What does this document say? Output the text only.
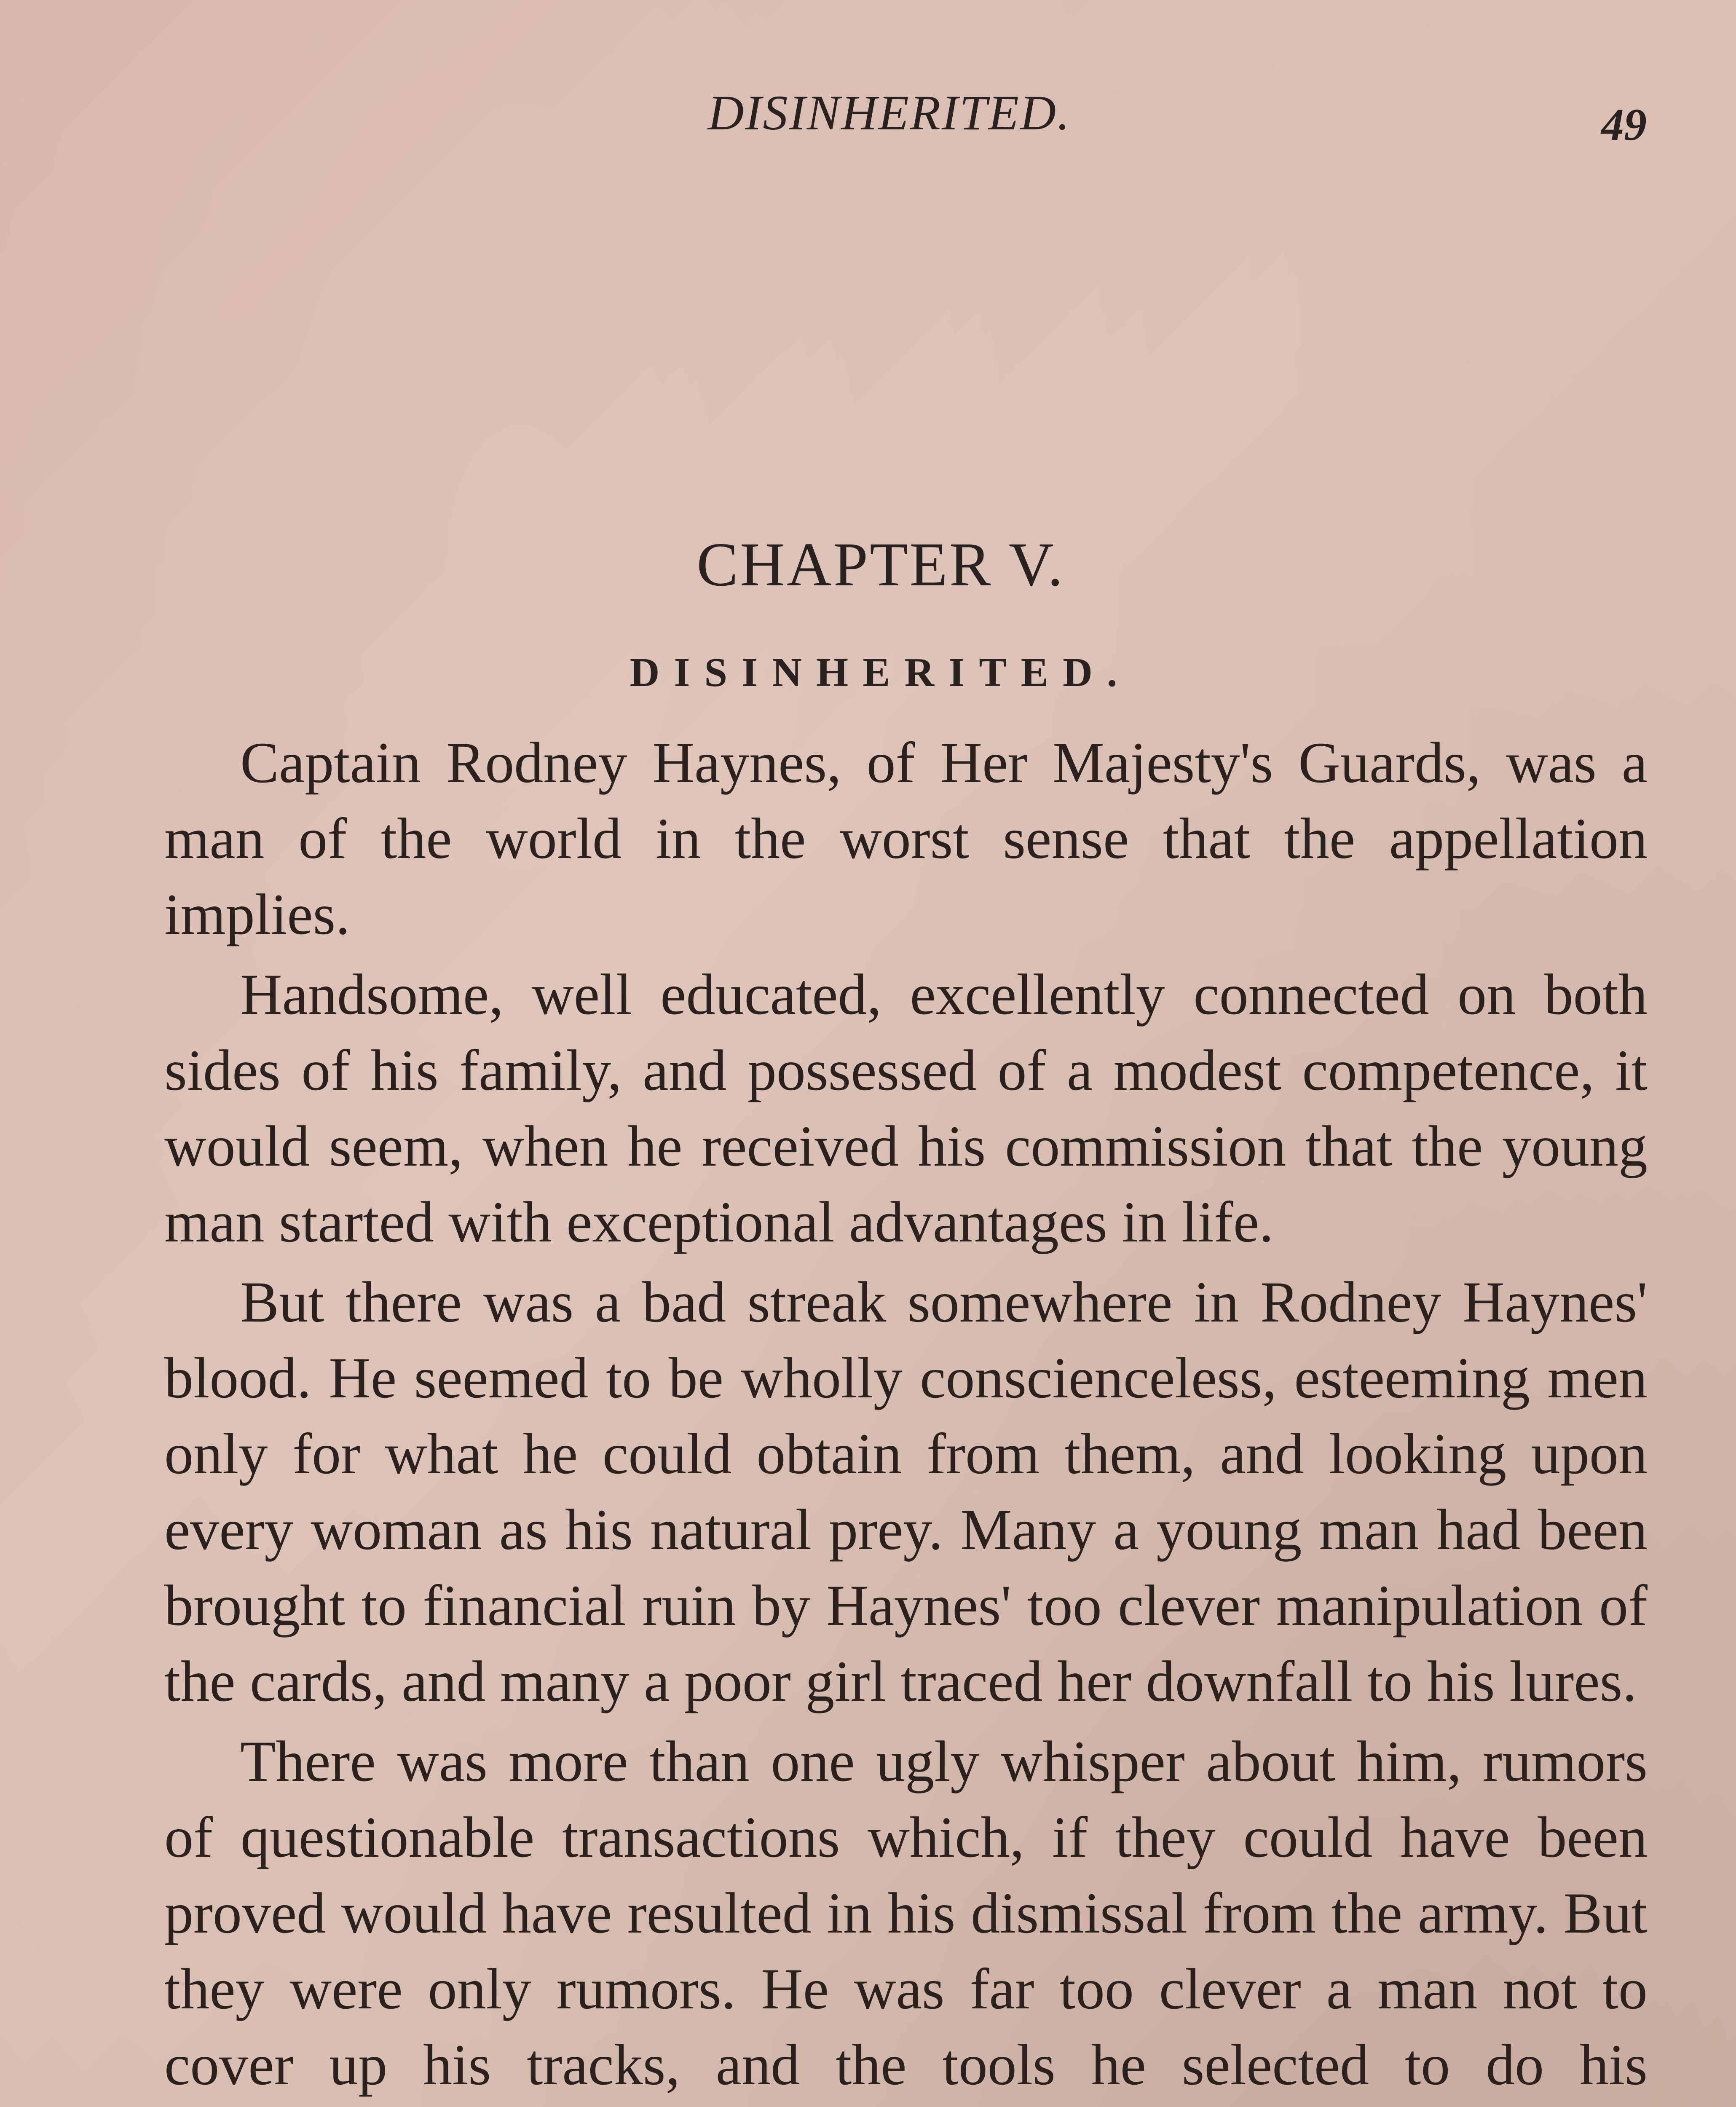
DISINHERITED.	49
CHAPTER V.
DISINHERITED.

Captain Rodney Haynes, of Her Majesty's Guards, was a man of the world in the worst sense that the appellation implies.

Handsome, well educated, excellently connected on both sides of his family, and possessed of a modest competence, it would seem, when he received his commission that the young man started with exceptional advantages in life.

But there was a bad streak somewhere in Rodney Haynes' blood. He seemed to be wholly conscienceless, esteeming men only for what he could obtain from them, and looking upon every woman as his natural prey. Many a young man had been brought to financial ruin by Haynes' too clever manipulation of the cards, and many a poor girl traced her downfall to his lures.

There was more than one ugly whisper about him, rumors of questionable transactions which, if they could have been proved would have resulted in his dismissal from the army. But they were only rumors. He was far too clever a man not to cover up his tracks, and the tools he selected to do his
